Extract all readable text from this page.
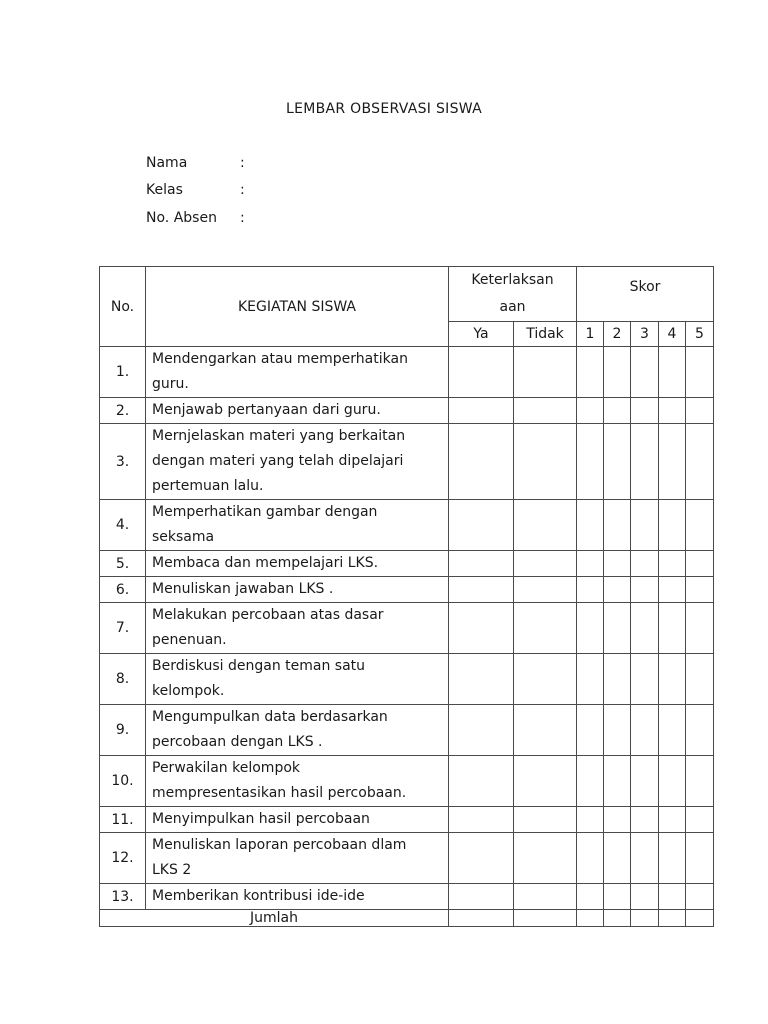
LEMBAR OBSERVASI SISWA
Nama	:
Kelas	:
No. Absen :
No.	KEGIATAN SISWA	Keterlaksan
aan		Skor				
		Ya	Tidak	1	2	3	4	5
1.	Mendengarkan atau memperhatikan
guru.							

2.	Menjawab pertanyaan dari guru.							

3.	Mernjelaskan materi yang berkaitan
dengan materi yang telah dipelajari
pertemuan lalu.							

4.	Memperhatikan gambar dengan
seksama							

5.	Membaca dan mempelajari LKS.							

6.	Menuliskan jawaban LKS .							

7.	Melakukan percobaan atas dasar
penenuan.							

8.	Berdiskusi dengan teman satu
kelompok.							

9.	Mengumpulkan data berdasarkan
percobaan dengan LKS .							

10.	Perwakilan kelompok
mempresentasikan hasil percobaan.							

11.	Menyimpulkan hasil percobaan							

12.	Menuliskan laporan percobaan dlam
LKS 2							

13.	Memberikan kontribusi ide-ide							

Jumlah								
